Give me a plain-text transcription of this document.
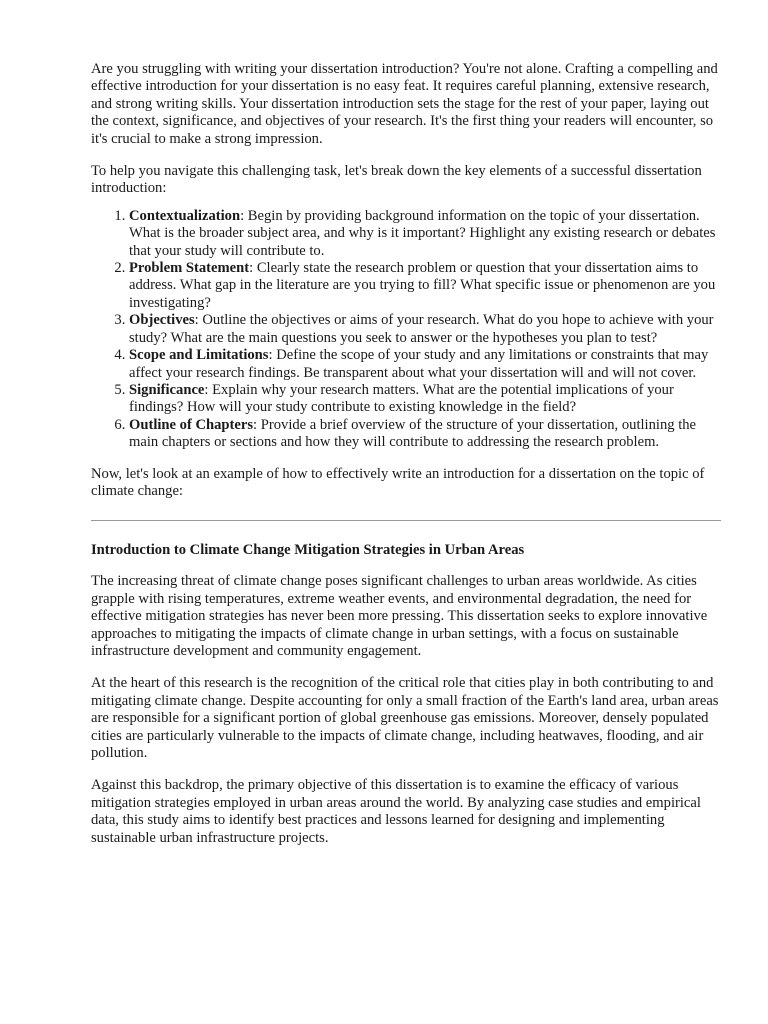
Are you struggling with writing your dissertation introduction? You're not alone. Crafting a compelling and effective introduction for your dissertation is no easy feat. It requires careful planning, extensive research, and strong writing skills. Your dissertation introduction sets the stage for the rest of your paper, laying out the context, significance, and objectives of your research. It's the first thing your readers will encounter, so it's crucial to make a strong impression.

To help you navigate this challenging task, let's break down the key elements of a successful dissertation introduction:

1. Contextualization: Begin by providing background information on the topic of your dissertation. What is the broader subject area, and why is it important? Highlight any existing research or debates that your study will contribute to.
2. Problem Statement: Clearly state the research problem or question that your dissertation aims to address. What gap in the literature are you trying to fill? What specific issue or phenomenon are you investigating?
3. Objectives: Outline the objectives or aims of your research. What do you hope to achieve with your study? What are the main questions you seek to answer or the hypotheses you plan to test?
4. Scope and Limitations: Define the scope of your study and any limitations or constraints that may affect your research findings. Be transparent about what your dissertation will and will not cover.
5. Significance: Explain why your research matters. What are the potential implications of your findings? How will your study contribute to existing knowledge in the field?
6. Outline of Chapters: Provide a brief overview of the structure of your dissertation, outlining the main chapters or sections and how they will contribute to addressing the research problem.

Now, let's look at an example of how to effectively write an introduction for a dissertation on the topic of climate change:

Introduction to Climate Change Mitigation Strategies in Urban Areas

The increasing threat of climate change poses significant challenges to urban areas worldwide. As cities grapple with rising temperatures, extreme weather events, and environmental degradation, the need for effective mitigation strategies has never been more pressing. This dissertation seeks to explore innovative approaches to mitigating the impacts of climate change in urban settings, with a focus on sustainable infrastructure development and community engagement.

At the heart of this research is the recognition of the critical role that cities play in both contributing to and mitigating climate change. Despite accounting for only a small fraction of the Earth's land area, urban areas are responsible for a significant portion of global greenhouse gas emissions. Moreover, densely populated cities are particularly vulnerable to the impacts of climate change, including heatwaves, flooding, and air pollution.

Against this backdrop, the primary objective of this dissertation is to examine the efficacy of various mitigation strategies employed in urban areas around the world. By analyzing case studies and empirical data, this study aims to identify best practices and lessons learned for designing and implementing sustainable urban infrastructure projects.
